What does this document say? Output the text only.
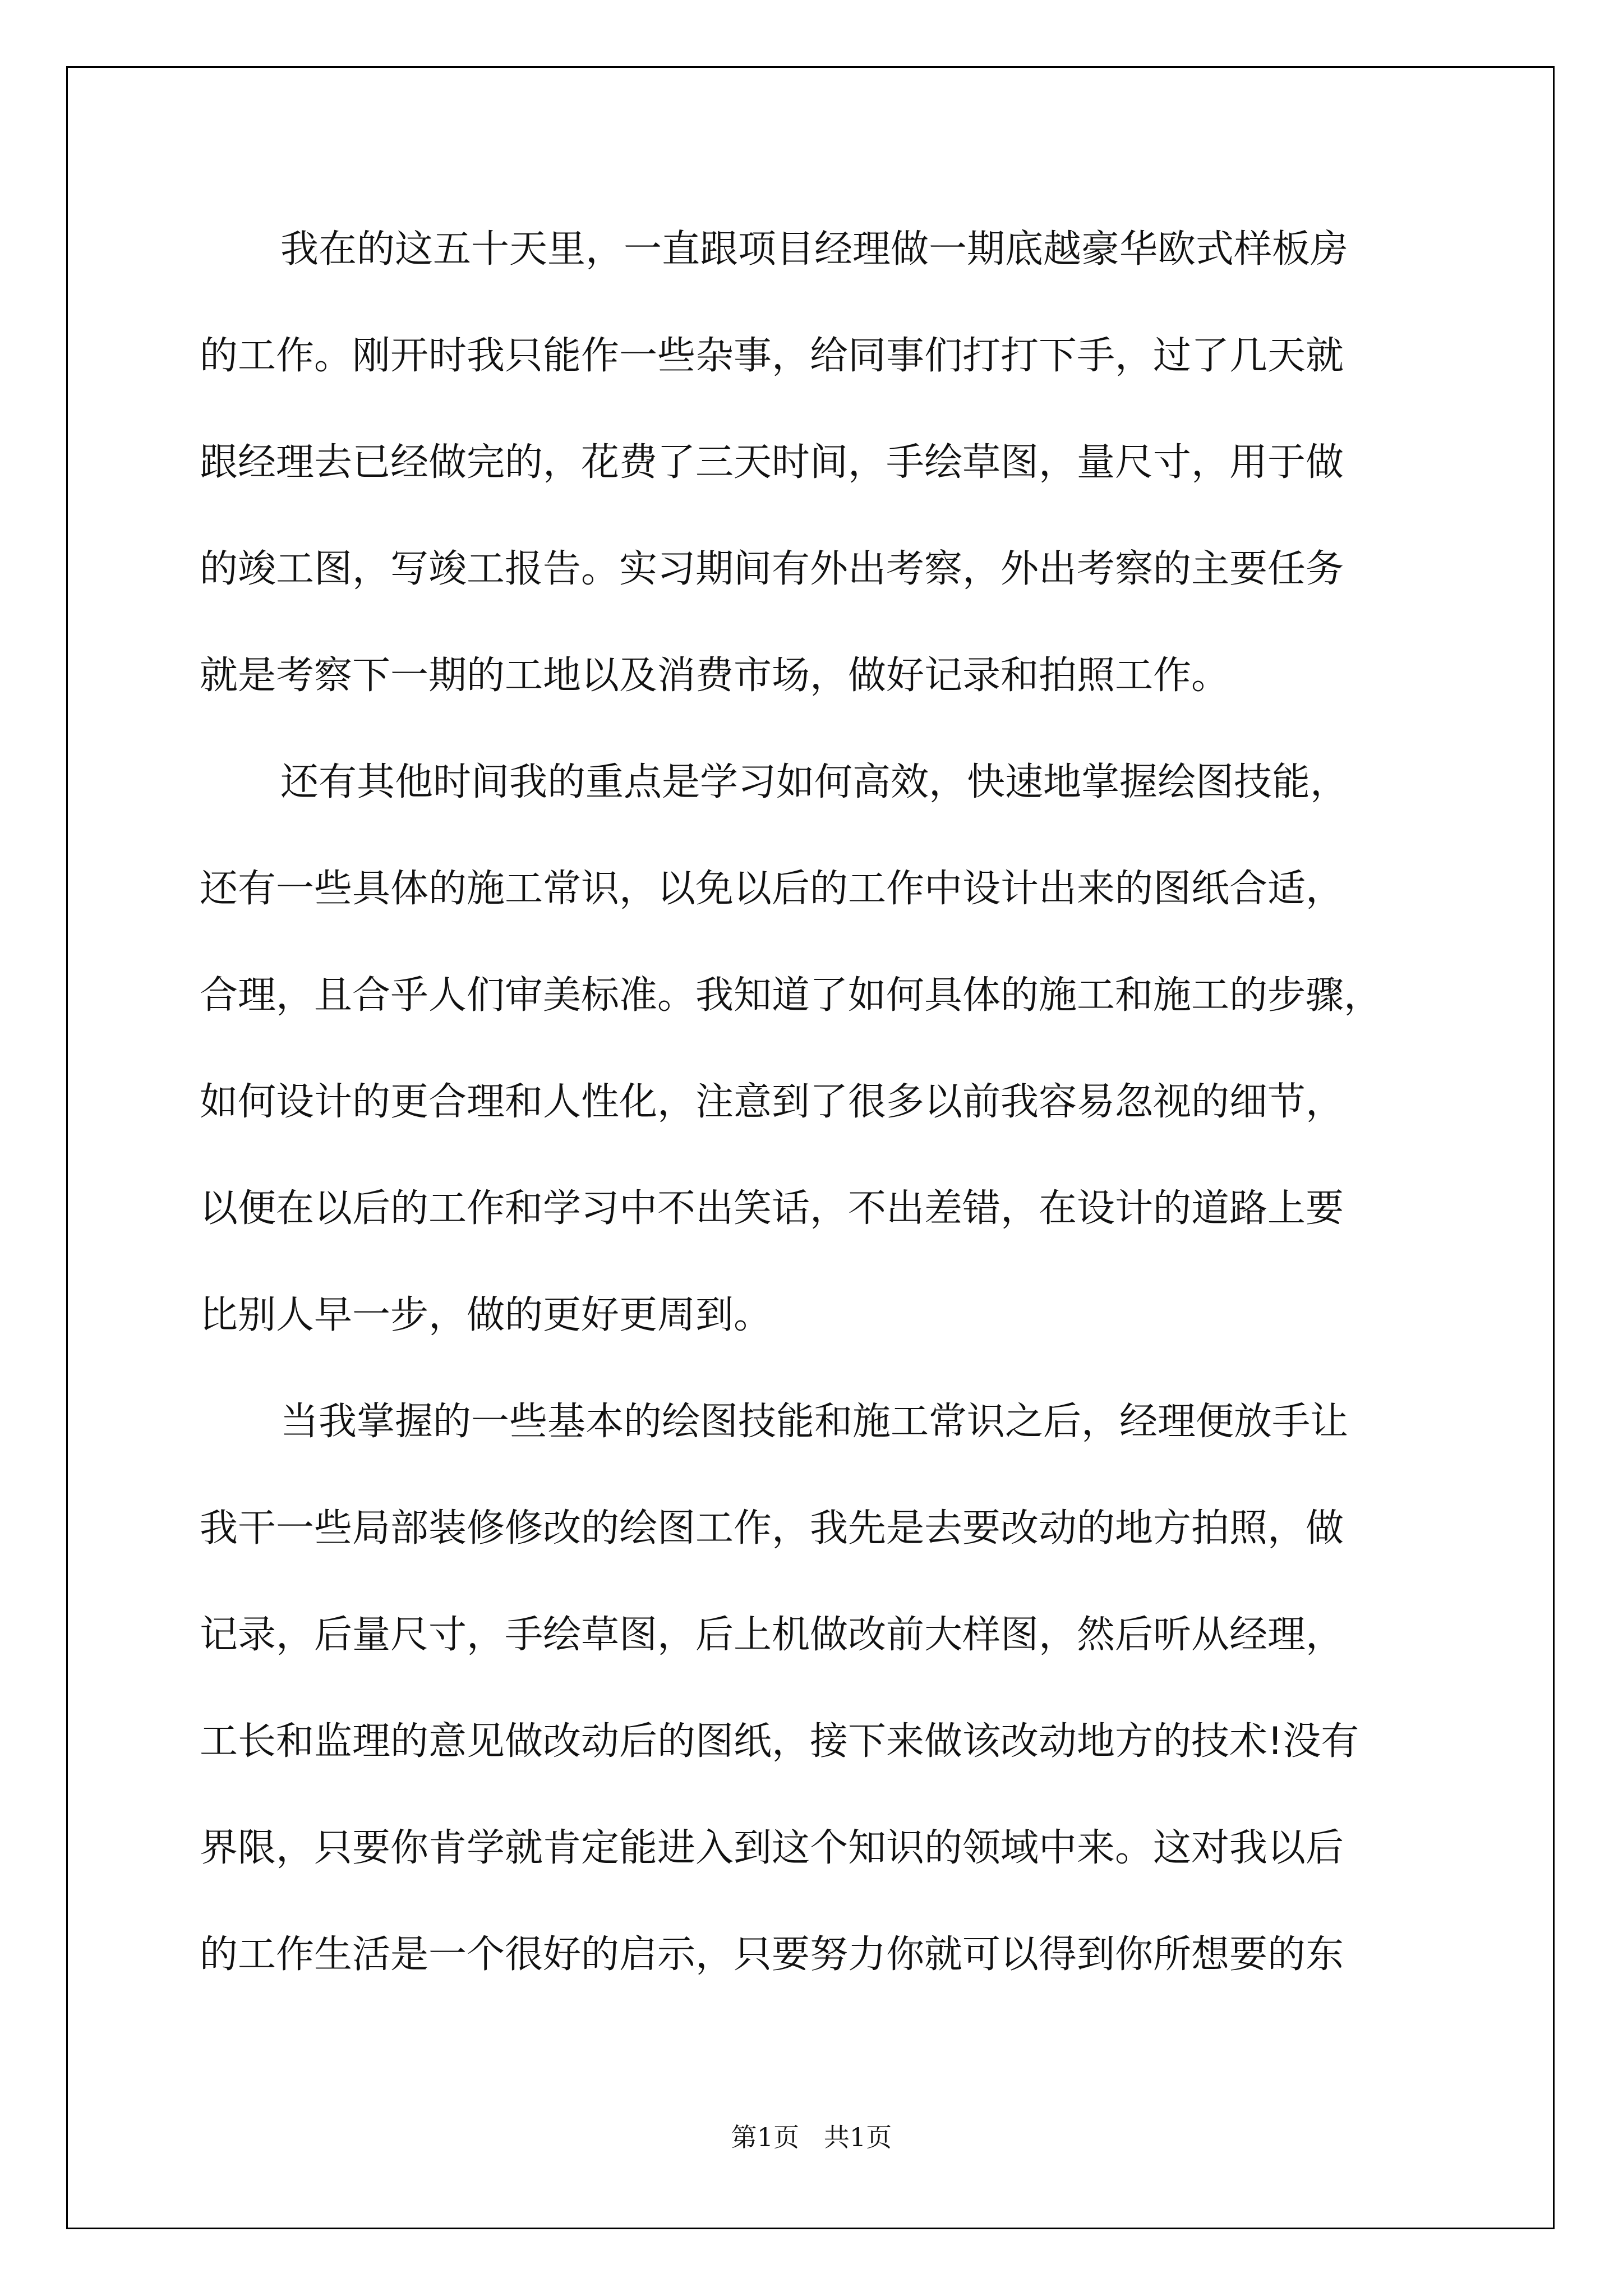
我在的这五十天里，一直跟项目经理做一期底越豪华欧式样板房
的工作。刚开时我只能作一些杂事，给同事们打打下手，过了几天就
跟经理去已经做完的，花费了三天时间，手绘草图，量尺寸，用于做
的竣工图，写竣工报告。实习期间有外出考察，外出考察的主要任务
就是考察下一期的工地以及消费市场，做好记录和拍照工作。
还有其他时间我的重点是学习如何高效，快速地掌握绘图技能，
还有一些具体的施工常识，以免以后的工作中设计出来的图纸合适，
合理，且合乎人们审美标准。我知道了如何具体的施工和施工的步骤，
如何设计的更合理和人性化，注意到了很多以前我容易忽视的细节，
以便在以后的工作和学习中不出笑话，不出差错，在设计的道路上要
比别人早一步，做的更好更周到。
当我掌握的一些基本的绘图技能和施工常识之后，经理便放手让
我干一些局部装修修改的绘图工作，我先是去要改动的地方拍照，做
记录，后量尺寸，手绘草图，后上机做改前大样图，然后听从经理，
工长和监理的意见做改动后的图纸，接下来做该改动地方的技术!没有
界限，只要你肯学就肯定能进入到这个知识的领域中来。这对我以后
的工作生活是一个很好的启示，只要努力你就可以得到你所想要的东
第1页   共1页
